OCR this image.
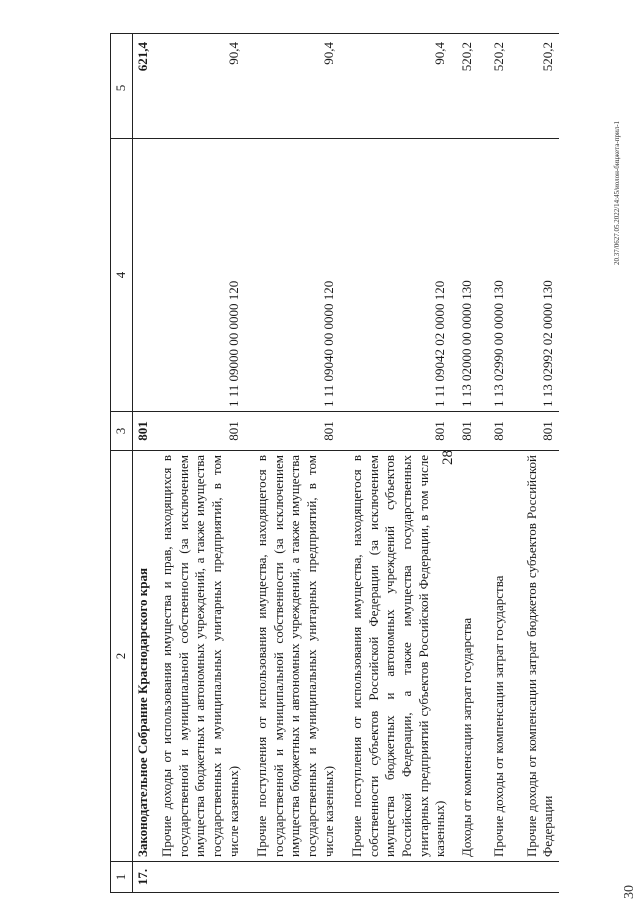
28
1	2	3	4	5
17.	Законодательное Собрание Краснодарского края	801		621,4
	Прочие доходы от использования имущества и прав, находящихся в государственной и муниципальной собственности (за исключением имущества бюджетных и автономных учреждений, а также имущества государственных и муниципальных унитарных предприятий, в том числе казенных)	801	1 11 09000 00 0000 120	90,4
	Прочие поступления от использования имущества, находящегося в государственной и муниципальной собственности (за исключением имущества бюджетных и автономных учреждений, а также имущества государственных и муниципальных унитарных предприятий, в том числе казенных)	801	1 11 09040 00 0000 120	90,4
	Прочие поступления от использования имущества, находящегося в собственности субъектов Российской Федерации (за исключением имущества бюджетных и автономных учреждений субъектов Российской Федерации, а также имущества государственных унитарных предприятий субъектов Российской Федерации, в том числе казенных)	801	1 11 09042 02 0000 120	90,4
	Доходы от компенсации затрат государства	801	1 13 02000 00 0000 130	520,2
	Прочие доходы от компенсации затрат государства	801	1 13 02990 00 0000 130	520,2
	Прочие доходы от компенсации затрат бюджетов субъектов Российской Федерации	801	1 13 02992 02 0000 130	520,2
20.37/0627.05.2022/14:45/иолон-бицжета-прил-1
30
